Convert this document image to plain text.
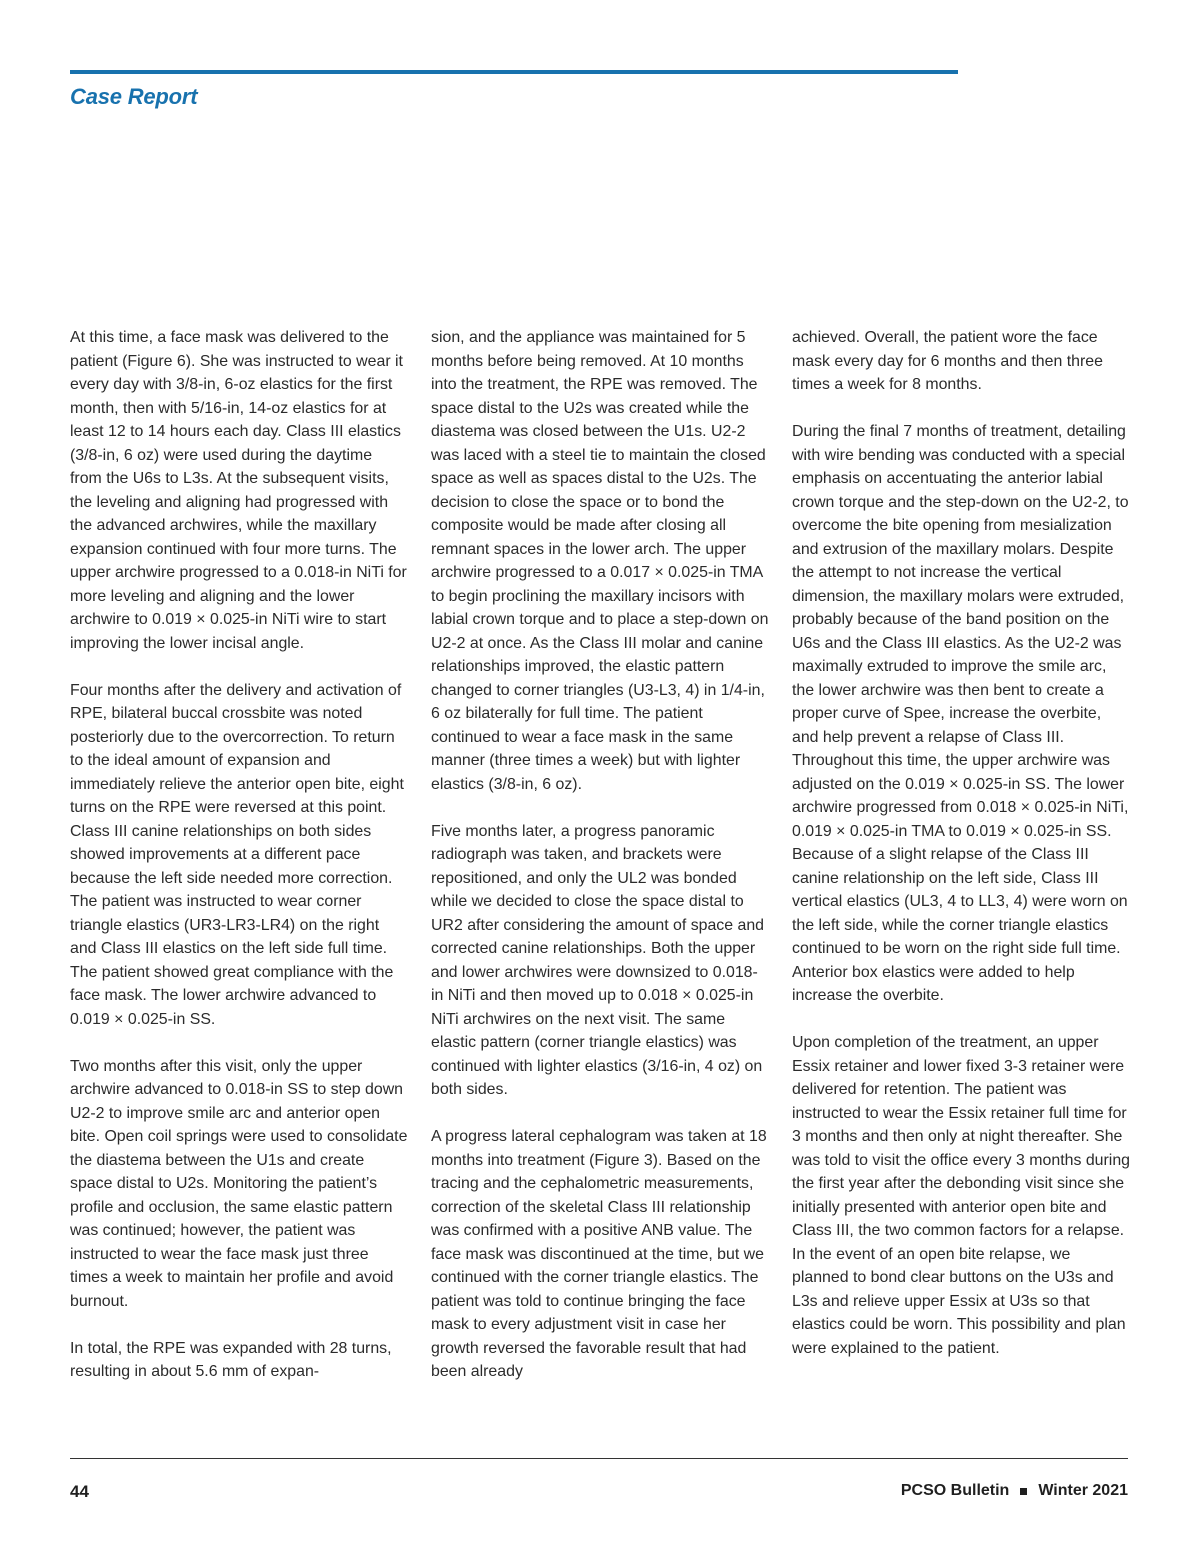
Case Report

At this time, a face mask was delivered to the patient (Figure 6). She was instructed to wear it every day with 3/8-in, 6-oz elastics for the first month, then with 5/16-in, 14-oz elastics for at least 12 to 14 hours each day. Class III elastics (3/8-in, 6 oz) were used during the daytime from the U6s to L3s. At the subsequent visits, the leveling and aligning had progressed with the advanced archwires, while the maxillary expansion continued with four more turns. The upper archwire progressed to a 0.018-in NiTi for more leveling and aligning and the lower archwire to 0.019 × 0.025-in NiTi wire to start improving the lower incisal angle.

Four months after the delivery and activation of RPE, bilateral buccal crossbite was noted posteriorly due to the overcorrection. To return to the ideal amount of expansion and immediately relieve the anterior open bite, eight turns on the RPE were reversed at this point. Class III canine relationships on both sides showed improvements at a different pace because the left side needed more correction. The patient was instructed to wear corner triangle elastics (UR3-LR3-LR4) on the right and Class III elastics on the left side full time. The patient showed great compliance with the face mask. The lower archwire advanced to 0.019 × 0.025-in SS.

Two months after this visit, only the upper archwire advanced to 0.018-in SS to step down U2-2 to improve smile arc and anterior open bite. Open coil springs were used to consolidate the diastema between the U1s and create space distal to U2s. Monitoring the patient’s profile and occlusion, the same elastic pattern was continued; however, the patient was instructed to wear the face mask just three times a week to maintain her profile and avoid burnout.

In total, the RPE was expanded with 28 turns, resulting in about 5.6 mm of expan-

sion, and the appliance was maintained for 5 months before being removed. At 10 months into the treatment, the RPE was removed. The space distal to the U2s was created while the diastema was closed between the U1s. U2-2 was laced with a steel tie to maintain the closed space as well as spaces distal to the U2s. The decision to close the space or to bond the composite would be made after closing all remnant spaces in the lower arch. The upper archwire progressed to a 0.017 × 0.025-in TMA to begin proclining the maxillary incisors with labial crown torque and to place a step-down on U2-2 at once. As the Class III molar and canine relationships improved, the elastic pattern changed to corner triangles (U3-L3, 4) in 1/4-in, 6 oz bilaterally for full time. The patient continued to wear a face mask in the same manner (three times a week) but with lighter elastics (3/8-in, 6 oz).

Five months later, a progress panoramic radiograph was taken, and brackets were repositioned, and only the UL2 was bonded while we decided to close the space distal to UR2 after considering the amount of space and corrected canine relationships. Both the upper and lower archwires were downsized to 0.018-in NiTi and then moved up to 0.018 × 0.025-in NiTi archwires on the next visit. The same elastic pattern (corner triangle elastics) was continued with lighter elastics (3/16-in, 4 oz) on both sides.

A progress lateral cephalogram was taken at 18 months into treatment (Figure 3). Based on the tracing and the cephalometric measurements, correction of the skeletal Class III relationship was confirmed with a positive ANB value. The face mask was discontinued at the time, but we continued with the corner triangle elastics. The patient was told to continue bringing the face mask to every adjustment visit in case her growth reversed the favorable result that had been already

achieved. Overall, the patient wore the face mask every day for 6 months and then three times a week for 8 months.

During the final 7 months of treatment, detailing with wire bending was conducted with a special emphasis on accentuating the anterior labial crown torque and the step-down on the U2-2, to overcome the bite opening from mesialization and extrusion of the maxillary molars. Despite the attempt to not increase the vertical dimension, the maxillary molars were extruded, probably because of the band position on the U6s and the Class III elastics. As the U2-2 was maximally extruded to improve the smile arc, the lower archwire was then bent to create a proper curve of Spee, increase the overbite, and help prevent a relapse of Class III. Throughout this time, the upper archwire was adjusted on the 0.019 × 0.025-in SS. The lower archwire progressed from 0.018 × 0.025-in NiTi, 0.019 × 0.025-in TMA to 0.019 × 0.025-in SS. Because of a slight relapse of the Class III canine relationship on the left side, Class III vertical elastics (UL3, 4 to LL3, 4) were worn on the left side, while the corner triangle elastics continued to be worn on the right side full time. Anterior box elastics were added to help increase the overbite.

Upon completion of the treatment, an upper Essix retainer and lower fixed 3-3 retainer were delivered for retention. The patient was instructed to wear the Essix retainer full time for 3 months and then only at night thereafter. She was told to visit the office every 3 months during the first year after the debonding visit since she initially presented with anterior open bite and Class III, the two common factors for a relapse. In the event of an open bite relapse, we planned to bond clear buttons on the U3s and L3s and relieve upper Essix at U3s so that elastics could be worn. This possibility and plan were explained to the patient.

44	PCSO Bulletin Winter 2021
